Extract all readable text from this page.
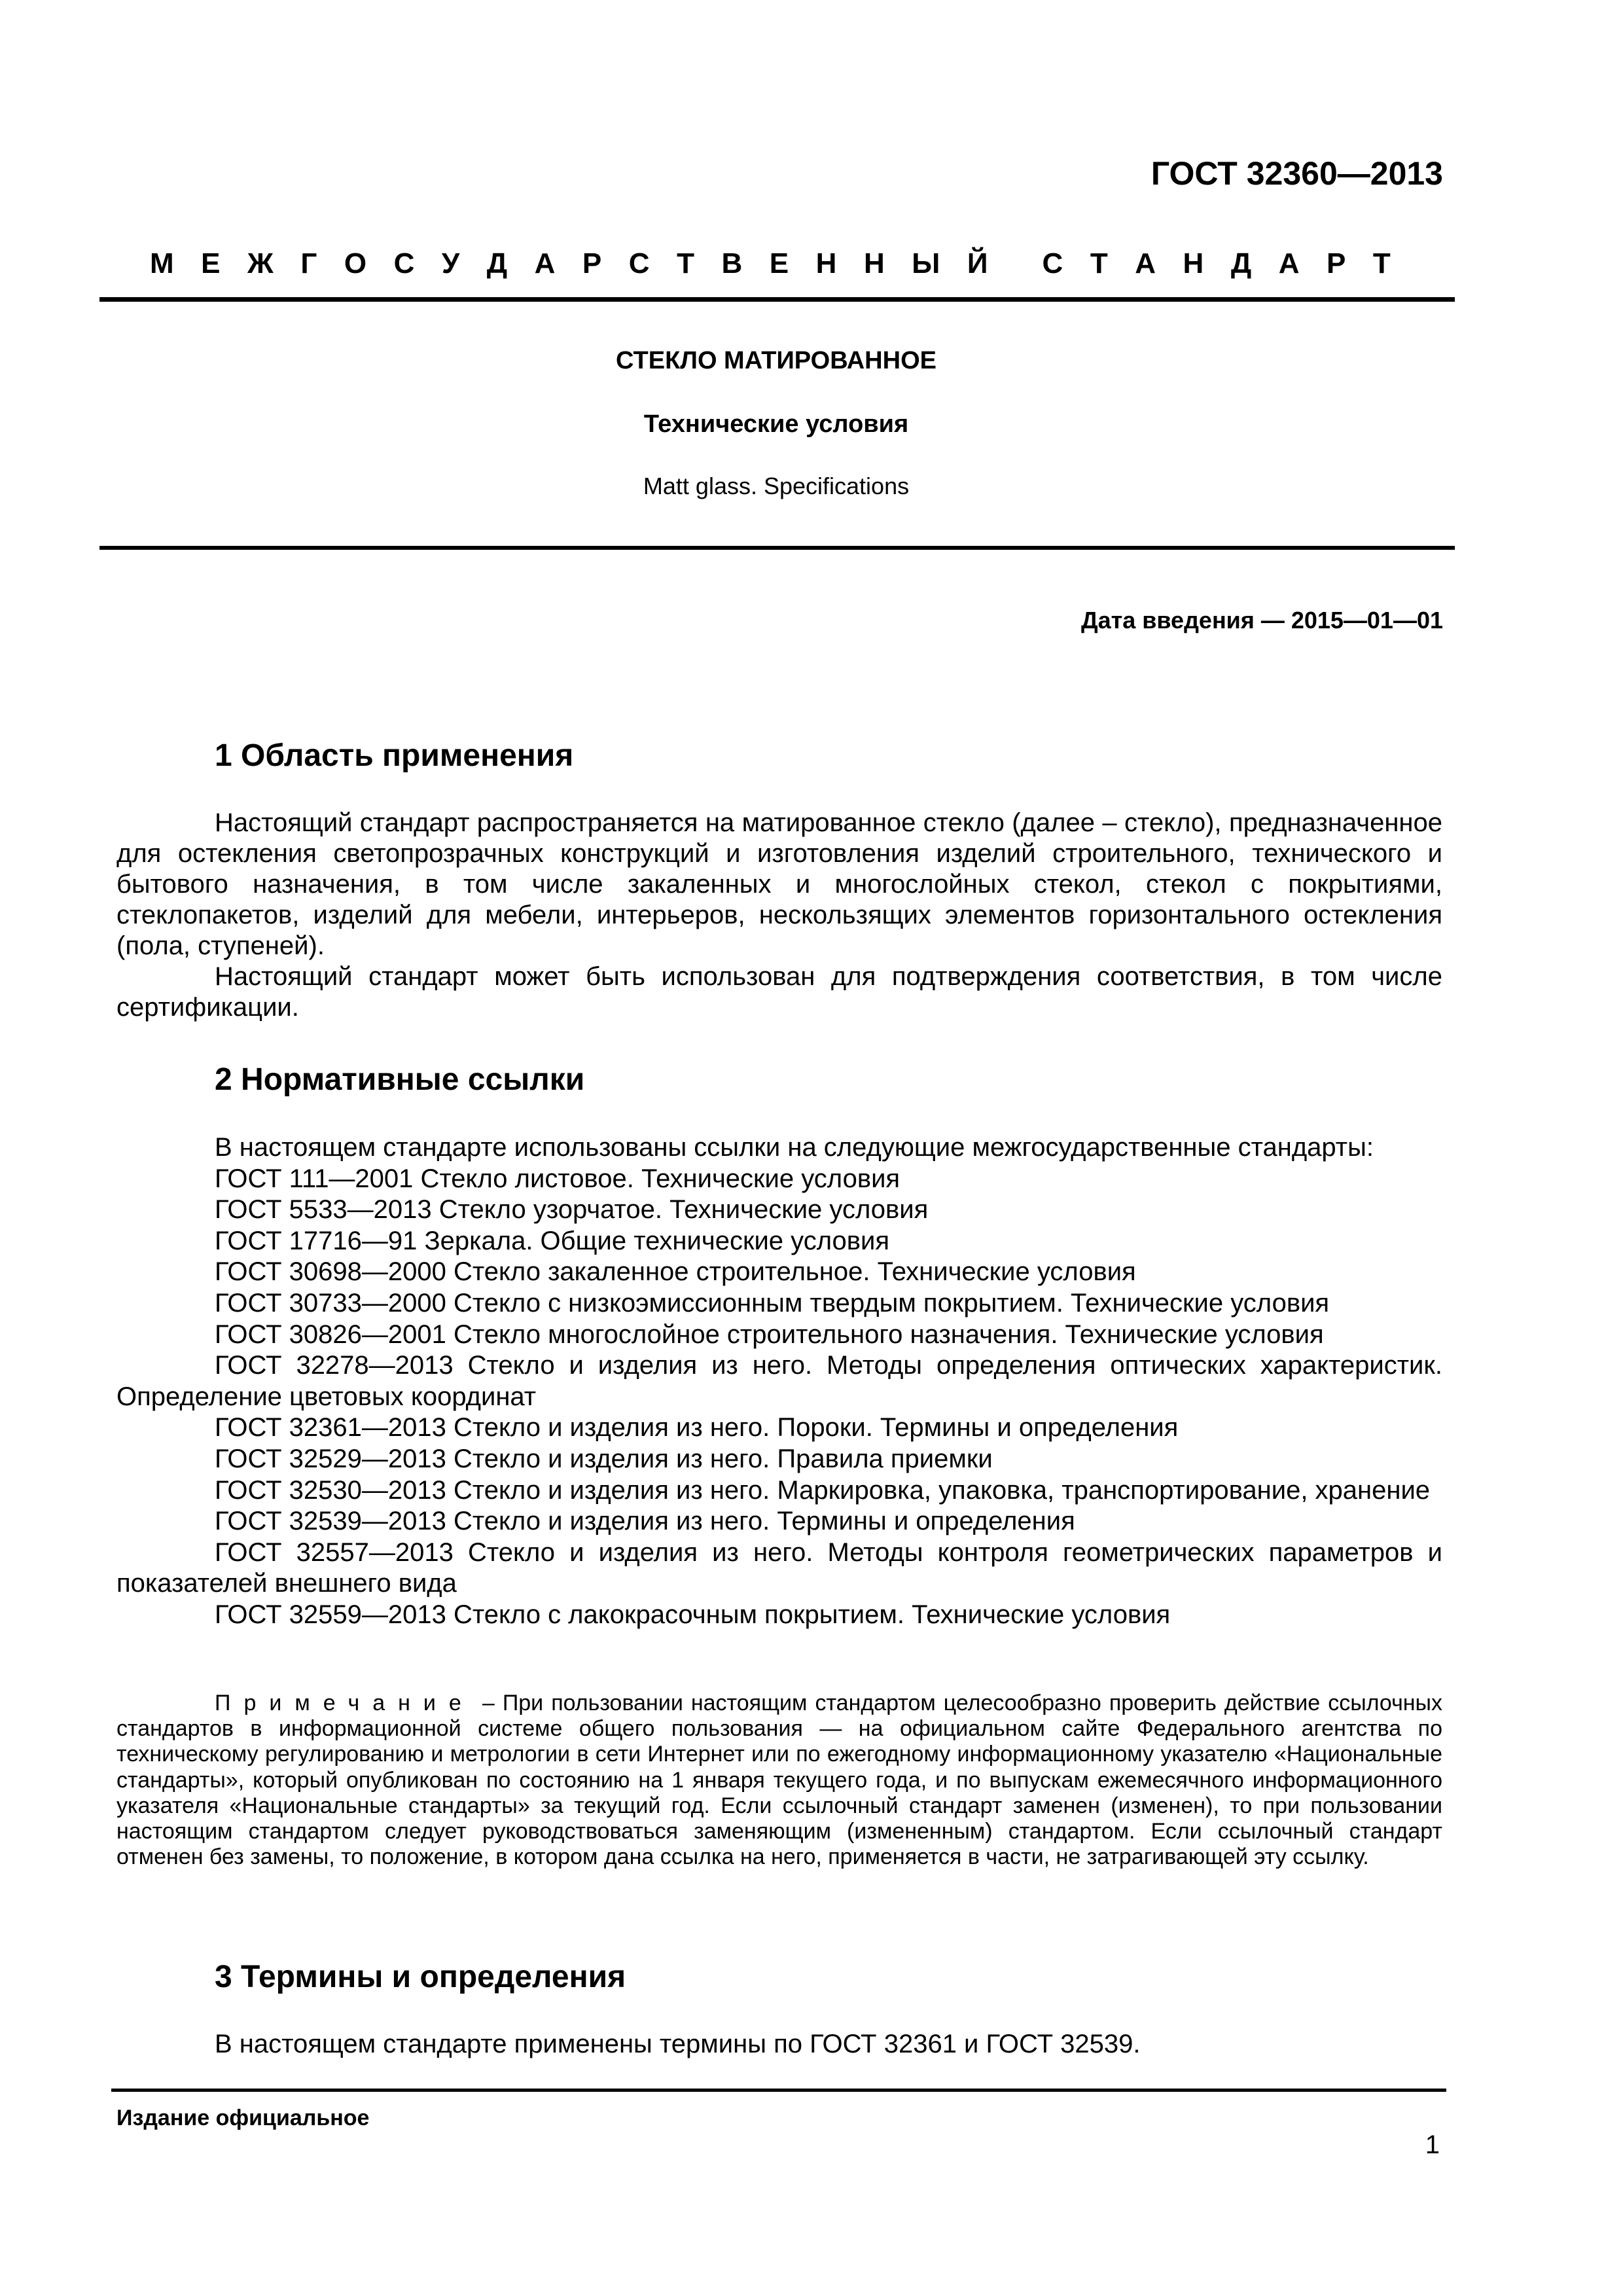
ГОСТ 32360—2013
М Е Ж Г О С У Д А Р С Т В Е Н Н Ы Й С Т А Н Д А Р Т
СТЕКЛО МАТИРОВАННОЕ
Технические условия
Matt glass. Specifications
Дата введения — 2015—01—01
1 Область применения

Настоящий стандарт распространяется на матированное стекло (далее – стекло), предназначенное для остекления светопрозрачных конструкций и изготовления изделий строительного, технического и бытового назначения, в том числе закаленных и многослойных стекол, стекол с покрытиями, стеклопакетов, изделий для мебели, интерьеров, нескользящих элементов горизонтального остекления (пола, ступеней).

Настоящий стандарт может быть использован для подтверждения соответствия, в том числе сертификации.

2 Нормативные ссылки

В настоящем стандарте использованы ссылки на следующие межгосударственные стандарты:

ГОСТ 111—2001 Стекло листовое. Технические условия

ГОСТ 5533—2013 Стекло узорчатое. Технические условия

ГОСТ 17716—91 Зеркала. Общие технические условия

ГОСТ 30698—2000 Стекло закаленное строительное. Технические условия

ГОСТ 30733—2000 Стекло с низкоэмиссионным твердым покрытием. Технические условия

ГОСТ 30826—2001 Стекло многослойное строительного назначения. Технические условия

ГОСТ 32278—2013 Стекло и изделия из него. Методы определения оптических характеристик. Определение цветовых координат

ГОСТ 32361—2013 Стекло и изделия из него. Пороки. Термины и определения

ГОСТ 32529—2013 Стекло и изделия из него. Правила приемки

ГОСТ 32530—2013 Стекло и изделия из него. Маркировка, упаковка, транспортирование, хранение

ГОСТ 32539—2013 Стекло и изделия из него. Термины и определения

ГОСТ 32557—2013 Стекло и изделия из него. Методы контроля геометрических параметров и показателей внешнего вида

ГОСТ 32559—2013 Стекло с лакокрасочным покрытием. Технические условия

Примечание – При пользовании настоящим стандартом целесообразно проверить действие ссылочных стандартов в информационной системе общего пользования — на официальном сайте Федерального агентства по техническому регулированию и метрологии в сети Интернет или по ежегодному информационному указателю «Национальные стандарты», который опубликован по состоянию на 1 января текущего года, и по выпускам ежемесячного информационного указателя «Национальные стандарты» за текущий год. Если ссылочный стандарт заменен (изменен), то при пользовании настоящим стандартом следует руководствоваться заменяющим (измененным) стандартом. Если ссылочный стандарт отменен без замены, то положение, в котором дана ссылка на него, применяется в части, не затрагивающей эту ссылку.
3 Термины и определения

В настоящем стандарте применены термины по ГОСТ 32361 и ГОСТ 32539.

Издание официальное
1
